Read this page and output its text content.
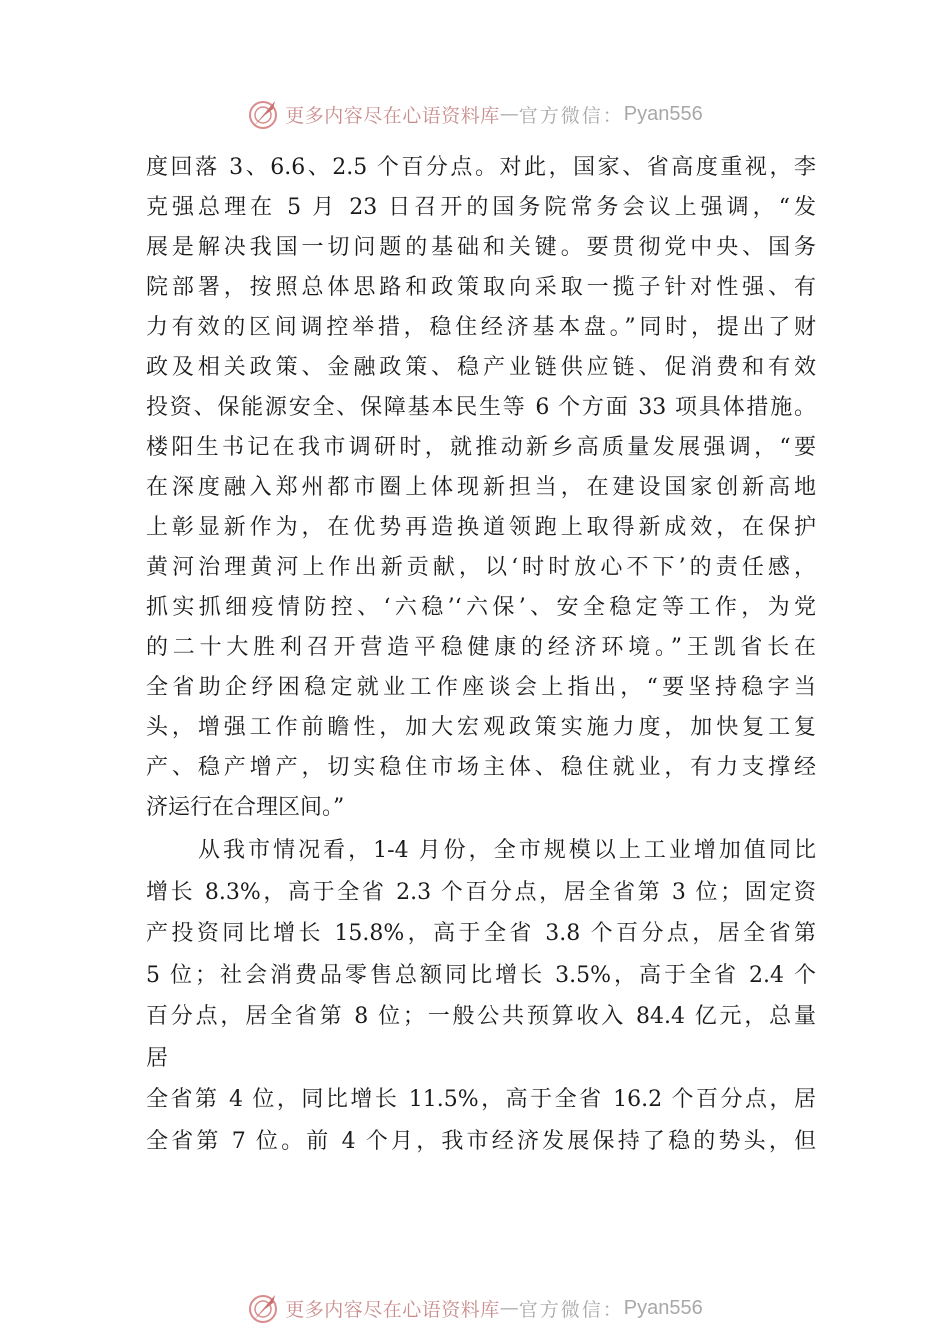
更多内容尽在心语资料库 — 官方微信： Pyan556
度回落 3、6.6、2.5 个百分点。对此，国家、省高度重视，李
克强总理在 5 月 23 日召开的国务院常务会议上强调，“发
展是解决我国一切问题的基础和关键。要贯彻党中央、国务
院部署，按照总体思路和政策取向采取一揽子针对性强、有
力有效的区间调控举措，稳住经济基本盘。”同时，提出了财
政及相关政策、金融政策、稳产业链供应链、促消费和有效
投资、保能源安全、保障基本民生等 6 个方面 33 项具体措施。
楼阳生书记在我市调研时，就推动新乡高质量发展强调，“要
在深度融入郑州都市圈上体现新担当，在建设国家创新高地
上彰显新作为，在优势再造换道领跑上取得新成效，在保护
黄河治理黄河上作出新贡献，以‘时时放心不下’的责任感，
抓实抓细疫情防控、‘六稳’‘六保’、安全稳定等工作，为党
的二十大胜利召开营造平稳健康的经济环境。”王凯省长在
全省助企纾困稳定就业工作座谈会上指出，“要坚持稳字当
头，增强工作前瞻性，加大宏观政策实施力度，加快复工复
产、稳产增产，切实稳住市场主体、稳住就业，有力支撑经
济运行在合理区间。”
从我市情况看，1-4 月份，全市规模以上工业增加值同比
增长 8.3%，高于全省 2.3 个百分点，居全省第 3 位；固定资
产投资同比增长 15.8%，高于全省 3.8 个百分点，居全省第
5 位；社会消费品零售总额同比增长 3.5%，高于全省 2.4 个
百分点，居全省第 8 位；一般公共预算收入 84.4 亿元，总量
居
全省第 4 位，同比增长 11.5%，高于全省 16.2 个百分点，居
全省第 7 位。前 4 个月，我市经济发展保持了稳的势头，但
更多内容尽在心语资料库 — 官方微信： Pyan556
